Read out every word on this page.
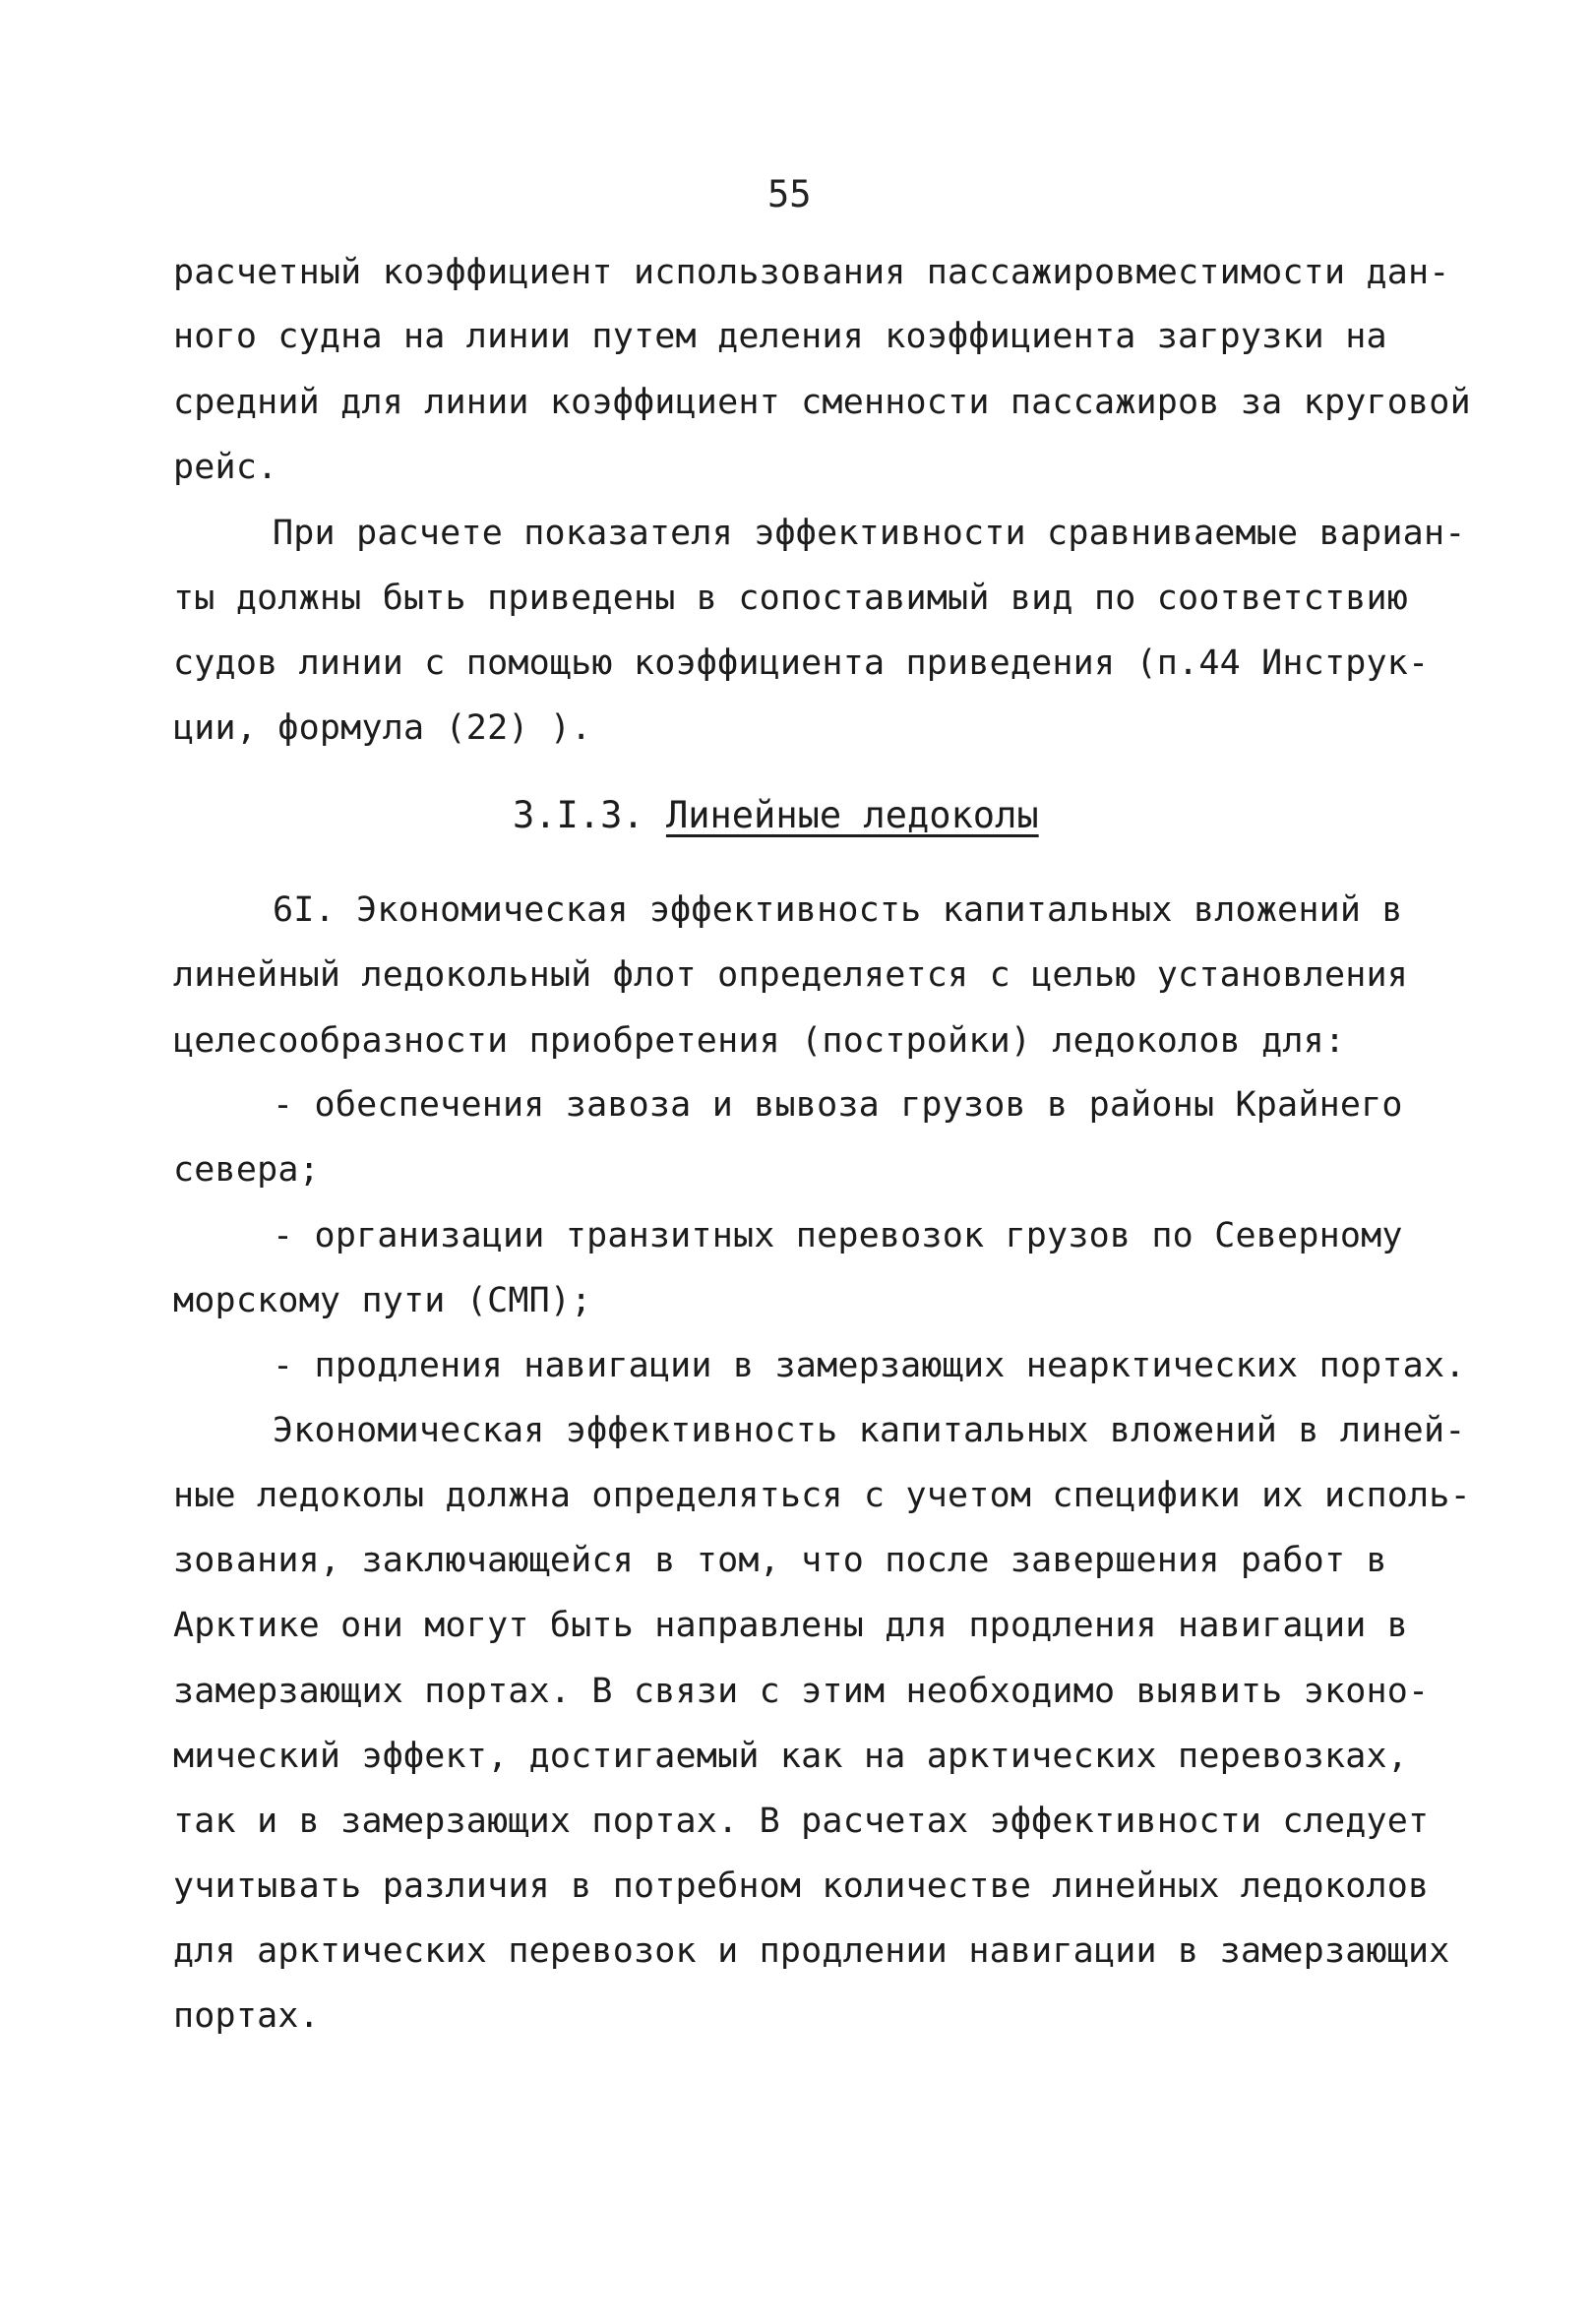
55
расчетный коэффициент использования пассажировместимости дан-
ного судна на линии путем деления коэффициента загрузки на
средний для линии коэффициент сменности пассажиров за круговой
рейс.
При расчете показателя эффективности сравниваемые вариан-
ты должны быть приведены в сопоставимый вид по соответствию
судов линии с помощью коэффициента приведения (п.44 Инструк-
ции, формула (22) ).
3.I.3. Линейные ледоколы
6I. Экономическая эффективность капитальных вложений в
линейный ледокольный флот определяется с целью установления
целесообразности приобретения (постройки) ледоколов для:
- обеспечения завоза и вывоза грузов в районы Крайнего
севера;
- организации транзитных перевозок грузов по Северному
морскому пути (СМП);
- продления навигации в замерзающих неарктических портах.
Экономическая эффективность капитальных вложений в линей-
ные ледоколы должна определяться с учетом специфики их исполь-
зования, заключающейся в том, что после завершения работ в
Арктике они могут быть направлены для продления навигации в
замерзающих портах. В связи с этим необходимо выявить эконо-
мический эффект, достигаемый как на арктических перевозках,
так и в замерзающих портах. В расчетах эффективности следует
учитывать различия в потребном количестве линейных ледоколов
для арктических перевозок и продлении навигации в замерзающих
портах.
